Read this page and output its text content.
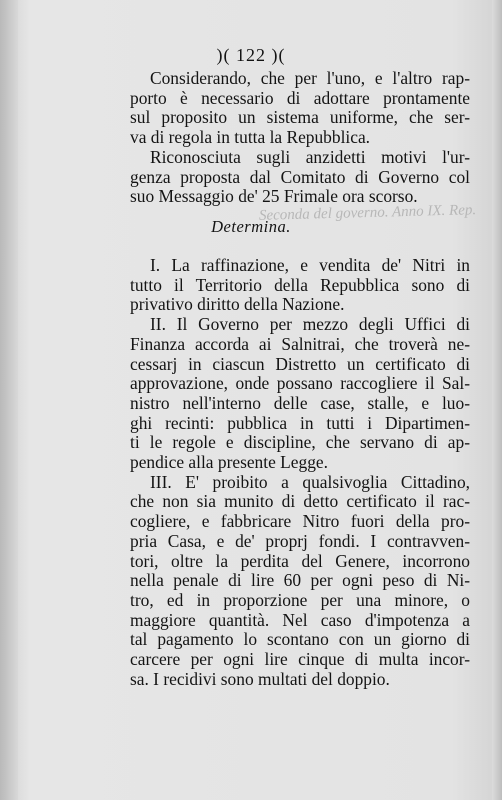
Seconda del governo. Anno IX. Rep.
)( 122 )(
Considerando, che per l'uno, e l'altro rap-
porto è necessario di adottare prontamente
sul proposito un sistema uniforme, che ser-
va di regola in tutta la Repubblica.
Riconosciuta sugli anzidetti motivi l'ur-
genza proposta dal Comitato di Governo col
suo Messaggio de' 25 Frimale ora scorso.
Determina.
I. La raffinazione, e vendita de' Nitri in
tutto il Territorio della Repubblica sono di
privativo diritto della Nazione.
II. Il Governo per mezzo degli Uffici di
Finanza accorda ai Salnitrai, che troverà ne-
cessarj in ciascun Distretto un certificato di
approvazione, onde possano raccogliere il Sal-
nistro nell'interno delle case, stalle, e luo-
ghi recinti: pubblica in tutti i Dipartimen-
ti le regole e discipline, che servano di ap-
pendice alla presente Legge.
III. E' proibito a qualsivoglia Cittadino,
che non sia munito di detto certificato il rac-
cogliere, e fabbricare Nitro fuori della pro-
pria Casa, e de' proprj fondi. I contravven-
tori, oltre la perdita del Genere, incorrono
nella penale di lire 60 per ogni peso di Ni-
tro, ed in proporzione per una minore, o
maggiore quantità. Nel caso d'impotenza a
tal pagamento lo scontano con un giorno di
carcere per ogni lire cinque di multa incor-
sa. I recidivi sono multati del doppio.
